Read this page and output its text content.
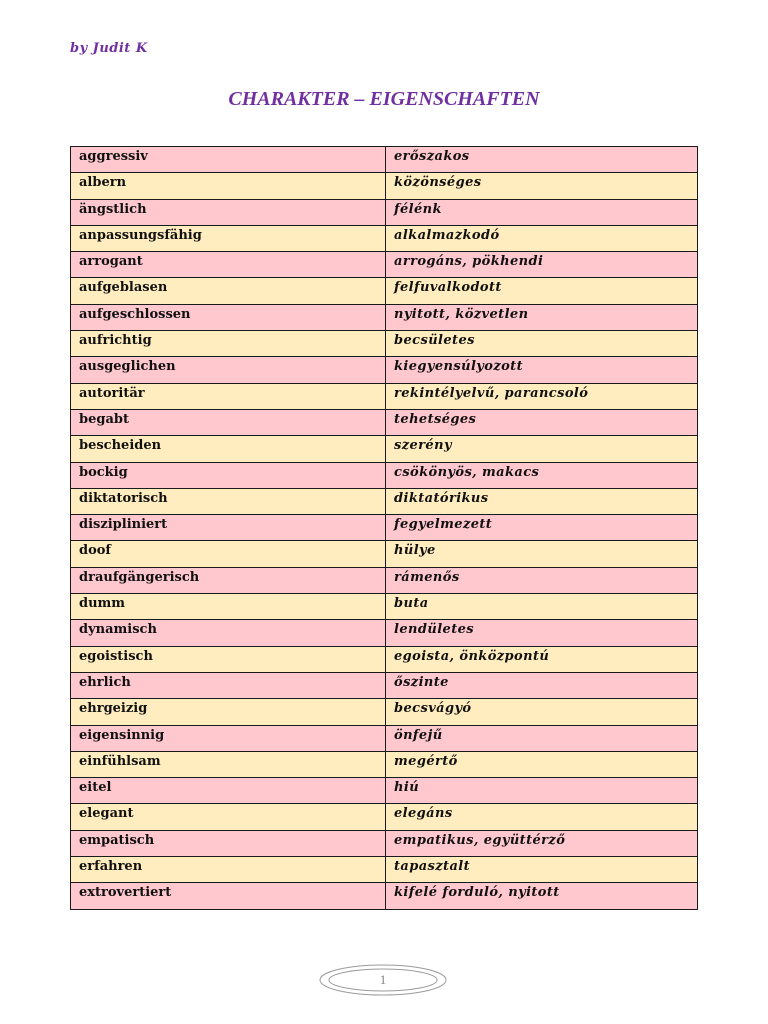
by Judit K
CHARAKTER – EIGENSCHAFTEN
aggressiv	erőszakos
albern	közönséges
ängstlich	félénk
anpassungsfähig	alkalmazkodó
arrogant	arrogáns, pökhendi
aufgeblasen	felfuvalkodott
aufgeschlossen	nyitott, közvetlen
aufrichtig	becsületes
ausgeglichen	kiegyensúlyozott
autoritär	rekintélyelvű, parancsoló
begabt	tehetséges
bescheiden	szerény
bockig	csökönyös, makacs
diktatorisch	diktatórikus
diszipliniert	fegyelmezett
doof	hülye
draufgängerisch	rámenős
dumm	buta
dynamisch	lendületes
egoistisch	egoista, önközpontú
ehrlich	őszinte
ehrgeizig	becsvágyó
eigensinnig	önfejű
einfühlsam	megértő
eitel	hiú
elegant	elegáns
empatisch	empatikus, együttérző
erfahren	tapasztalt
extrovertiert	kifelé forduló, nyitott
1
